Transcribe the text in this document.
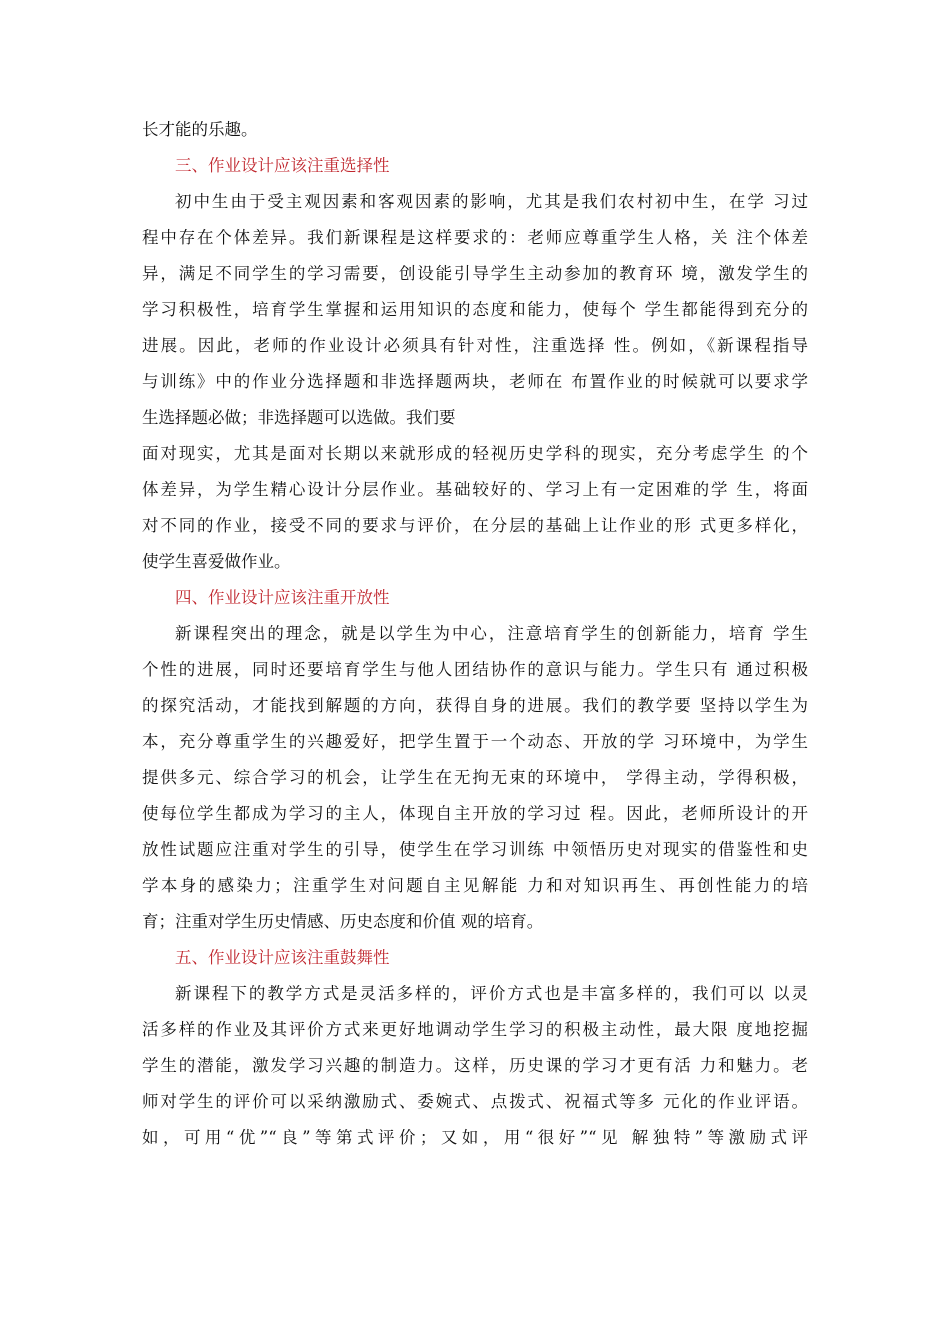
长才能的乐趣。

三、作业设计应该注重选择性

初中生由于受主观因素和客观因素的影响，尤其是我们农村初中生，在学 习过
程中存在个体差异。我们新课程是这样要求的：老师应尊重学生人格，关 注个体差
异，满足不同学生的学习需要，创设能引导学生主动参加的教育环 境，激发学生的
学习积极性，培育学生掌握和运用知识的态度和能力，使每个 学生都能得到充分的
进展。因此，老师的作业设计必须具有针对性，注重选择 性。例如，《新课程指导
与训练》中的作业分选择题和非选择题两块，老师在 布置作业的时候就可以要求学
生选择题必做；非选择题可以选做。我们要

面对现实，尤其是面对长期以来就形成的轻视历史学科的现实，充分考虑学生 的个
体差异，为学生精心设计分层作业。基础较好的、学习上有一定困难的学 生，将面
对不同的作业，接受不同的要求与评价，在分层的基础上让作业的形 式更多样化，
使学生喜爱做作业。

四、作业设计应该注重开放性

新课程突出的理念，就是以学生为中心，注意培育学生的创新能力，培育 学生
个性的进展，同时还要培育学生与他人团结协作的意识与能力。学生只有 通过积极
的探究活动，才能找到解题的方向，获得自身的进展。我们的教学要 坚持以学生为
本，充分尊重学生的兴趣爱好，把学生置于一个动态、开放的学 习环境中，为学生
提供多元、综合学习的机会，让学生在无拘无束的环境中， 学得主动，学得积极，
使每位学生都成为学习的主人，体现自主开放的学习过 程。因此，老师所设计的开
放性试题应注重对学生的引导，使学生在学习训练 中领悟历史对现实的借鉴性和史
学本身的感染力；注重学生对问题自主见解能 力和对知识再生、再创性能力的培
育；注重对学生历史情感、历史态度和价值 观的培育。

五、作业设计应该注重鼓舞性

新课程下的教学方式是灵活多样的，评价方式也是丰富多样的，我们可以 以灵
活多样的作业及其评价方式来更好地调动学生学习的积极主动性，最大限 度地挖掘
学生的潜能，激发学习兴趣的制造力。这样，历史课的学习才更有活 力和魅力。老
师对学生的评价可以采纳激励式、委婉式、点拨式、祝福式等多 元化的作业评语。
如，可用“优”“良”等第式评价；又如，用“很好”“见 解独特”等激励式评
